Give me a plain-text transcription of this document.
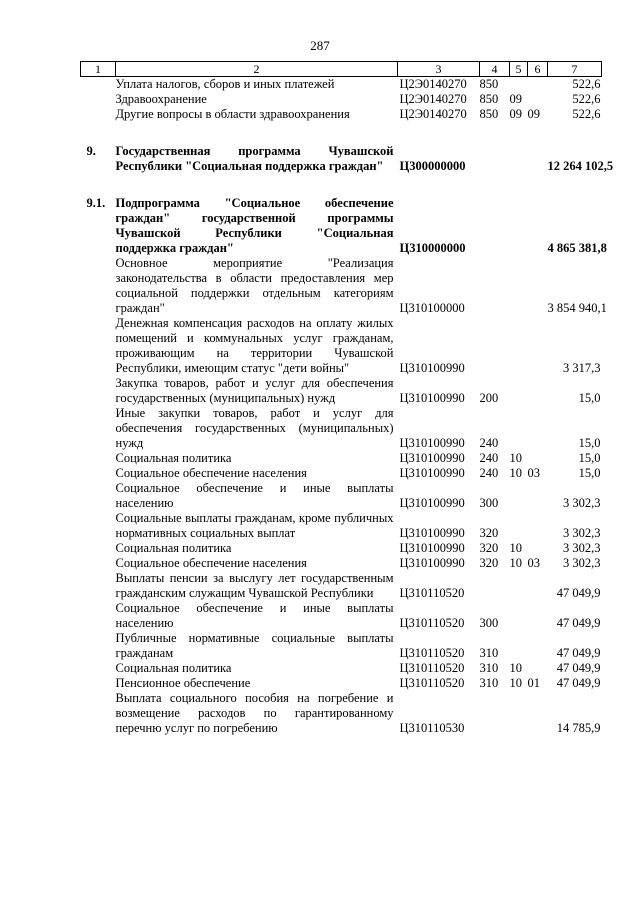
287
1	2	3	4	5	6	7
	Уплата налогов, сборов и иных платежей	Ц2Э0140270	850			522,6
	Здравоохранение	Ц2Э0140270	850	09		522,6
	Другие вопросы в области здравоохранения	Ц2Э0140270	850	09	09	522,6

9.	Государственная программа Чувашской Республики "Социальная поддержка граждан"	Ц300000000				12 264 102,5

9.1.	Подпрограмма "Социальное обеспечение граждан" государственной программы Чувашской Республики "Социальная поддержка граждан"	Ц310000000				4 865 381,8
	Основное мероприятие "Реализация законодательства в области предоставления мер социальной поддержки отдельным категориям граждан"	Ц310100000				3 854 940,1
	Денежная компенсация расходов на оплату жилых помещений и коммунальных услуг гражданам, проживающим на территории Чувашской Республики, имеющим статус "дети войны"	Ц310100990				3 317,3
	Закупка товаров, работ и услуг для обеспечения государственных (муниципальных) нужд	Ц310100990	200			15,0
	Иные закупки товаров, работ и услуг для обеспечения государственных (муниципальных) нужд	Ц310100990	240			15,0
	Социальная политика	Ц310100990	240	10		15,0
	Социальное обеспечение населения	Ц310100990	240	10	03	15,0
	Социальное обеспечение и иные выплаты населению	Ц310100990	300			3 302,3
	Социальные выплаты гражданам, кроме публичных нормативных социальных выплат	Ц310100990	320			3 302,3
	Социальная политика	Ц310100990	320	10		3 302,3
	Социальное обеспечение населения	Ц310100990	320	10	03	3 302,3
	Выплаты пенсии за выслугу лет государственным гражданским служащим Чувашской Республики	Ц310110520				47 049,9
	Социальное обеспечение и иные выплаты населению	Ц310110520	300			47 049,9
	Публичные нормативные социальные выплаты гражданам	Ц310110520	310			47 049,9
	Социальная политика	Ц310110520	310	10		47 049,9
	Пенсионное обеспечение	Ц310110520	310	10	01	47 049,9
	Выплата социального пособия на погребение и возмещение расходов по гарантированному перечню услуг по погребению	Ц310110530				14 785,9
